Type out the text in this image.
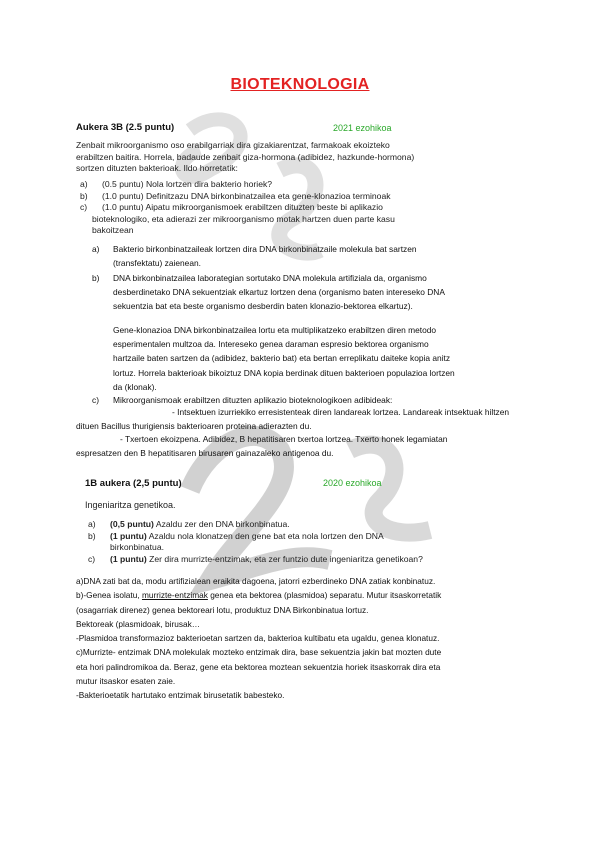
BIOTEKNOLOGIA
Aukera 3B (2.5 puntu)	2021 ezohikoa
Zenbait mikroorganismo oso erabilgarriak dira gizakiarentzat, farmakoak ekoizteko
erabiltzen baitira. Horrela, badaude zenbait giza-hormona (adibidez, hazkunde-hormona)
sortzen dituzten bakterioak. Ildo horretatik:
a) (0.5 puntu) Nola lortzen dira bakterio horiek?
b) (1.0 puntu) Definitzazu DNA birkonbinatzailea eta gene-klonazioa terminoak
c) (1.0 puntu) Aipatu mikroorganismoek erabiltzen dituzten beste bi aplikazio
bioteknologiko, eta adierazi zer mikroorganismo motak hartzen duen parte kasu
bakoitzean
a) Bakterio birkonbinatzaileak lortzen dira DNA birkonbinatzaile molekula bat sartzen

(transfektatu) zaienean.

b) DNA birkonbinatzailea laborategian sortutako DNA molekula artifiziala da, organismo

desberdinetako DNA sekuentziak elkartuz lortzen dena (organismo baten intereseko DNA

sekuentzia bat eta beste organismo desberdin baten klonazio-bektorea elkartuz).

Gene-klonazioa DNA birkonbinatzailea lortu eta multiplikatzeko erabiltzen diren metodo

esperimentalen multzoa da. Intereseko genea daraman espresio bektorea organismo

hartzaile baten sartzen da (adibidez, bakterio bat) eta bertan erreplikatu daiteke kopia anitz

lortuz. Horrela bakterioak bikoiztuz DNA kopia berdinak dituen bakterioen populazioa lortzen

da (klonak).

c) Mikroorganismoak erabiltzen dituzten aplikazio bioteknologikoen adibideak:

- Intsektuen izurriekiko erresistenteak diren landareak lortzea. Landareak intsektuak hiltzen

dituen Bacillus thurigiensis bakterioaren proteina adierazten du.

- Txertoen ekoizpena. Adibidez, B hepatitisaren txertoa lortzea. Txerto honek legamiatan

espresatzen den B hepatitisaren birusaren gainazaleko antigenoa du.

1B aukera (2,5 puntu)	2020 ezohikoa
Ingeniaritza genetikoa.
a) (0,5 puntu) Azaldu zer den DNA birkonbinatua.
b) (1 puntu) Azaldu nola klonatzen den gene bat eta nola lortzen den DNA
birkonbinatua.
c) (1 puntu) Zer dira murrizte-entzimak, eta zer funtzio dute ingeniaritza genetikoan?

a)DNA zati bat da, modu artifizialean eraikita dagoena, jatorri ezberdineko DNA zatiak konbinatuz.

b)-Genea isolatu, murrizte-entzimak genea eta bektorea (plasmidoa) separatu. Mutur itsaskorretatik

(osagarriak direnez) genea bektoreari lotu, produktuz DNA Birkonbinatua lortuz.

Bektoreak (plasmidoak, birusak…

-Plasmidoa transformazioz bakterioetan sartzen da, bakterioa kultibatu eta ugaldu, genea klonatuz.

c)Murrizte- entzimak DNA molekulak mozteko entzimak dira, base sekuentzia jakin bat mozten dute

eta hori palindromikoa da. Beraz, gene eta bektorea moztean sekuentzia horiek itsaskorrak dira eta

mutur itsaskor esaten zaie.

-Bakterioetatik hartutako entzimak birusetatik babesteko.
